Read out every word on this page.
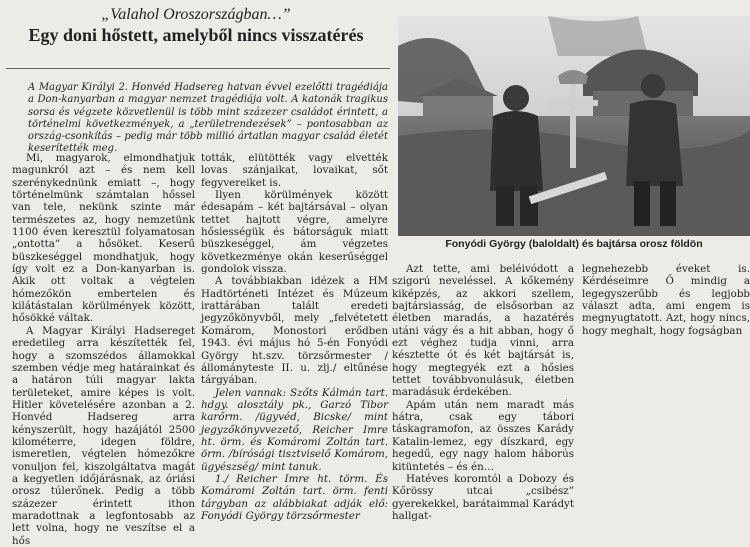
„Valahol Oroszországban…”
Egy doni hőstett, amelyből nincs visszatérés
A Magyar Királyi 2. Honvéd Hadsereg hatvan évvel ezelőtti tragédiája a Don-kanyarban a magyar nemzet tragédiája volt. A katonák tragikus sorsa és végzete közvetlenül is több mint százezer családot érintett, a történelmi következmények, a „területrendezések” – pontosabban az ország-csonkítás – pedig már több millió ártatlan magyar család életét keserítették meg.

Mi, magyarok, elmondhatjuk magunkról azt – és nem kell szerénykednünk emiatt –, hogy történelmünk számtalan hőssel van tele, nekünk szinte már természetes az, hogy nemzetünk 1100 éven keresztül folyamatosan „ontotta” a hősöket. Keserű büszkeséggel mondhatjuk, hogy így volt ez a Don-kanyarban is. Akik ott voltak a végtelen hómezőkön embertelen és kilátástalan körülmények között, hősökké váltak.

A Magyar Királyi Hadsereget eredetileg arra készítették fel, hogy a szomszédos államokkal szemben védje meg határainkat és a határon túli magyar lakta területeket, amire képes is volt. Hitler követelésére azonban a 2. Honvéd Hadsereg arra kényszerült, hogy hazájától 2500 kilométerre, idegen földre, ismeretlen, végtelen hómezőkre vonuljon fel, kiszolgáltatva magát a kegyetlen időjárásnak, az óriási orosz túlerőnek. Pedig a több százezer érintett ithon maradottnak a legfontosabb az lett volna, hogy ne veszítse el a hős

tották, elütötték vagy elvették lovas szánjaikat, lovaikat, sőt fegyvereiket is.

Ilyen körülmények között édesapám – két bajtársával – olyan tettet hajtott végre, amelyre hősiességük és bátorságuk miatt büszkeséggel, ám végzetes következménye okán keserűséggel gondolok vissza.

A továbbiakban idézek a HM Hadtörténeti Intézet és Múzeum irattárában talált eredeti jegyzőkönyvből, mely „felvétetett Komárom, Monostori erődben 1943. évi május hó 5-én Fonyódi György ht.szv. törzsőrmester /állományteste II. u. zlj./ eltűnése tárgyában.

Jelen vannak: Szőts Kálmán tart. hdgy. alosztály pk., Garzó Tibor karőrm. /ügyvéd, Bicske/ mint jegyzőkönyvvezető, Reicher Imre ht. örm. és Komáromi Zoltán tart. örm. /bírósági tisztviselő Komárom, ügyészség/ mint tanuk.

1./ Reicher Imre ht. törm. És Komáromi Zoltán tart. örm. fenti tárgyban az alábbiakat adják elő: Fonyódi György törzsőrmester

Fonyódi György (baloldalt) és bajtársa orosz földön

Azt tette, ami beléivódott a szigorú neveléssel. A kőkemény kiképzés, az akkori szellem, bajtársiasság, de elsősorban az életben maradás, a hazatérés utáni vágy és a hit abban, hogy ő ezt véghez tudja vinni, arra késztette ót és két bajtársát is, hogy megtegyék ezt a hősies tettet továbbvonulásuk, életben maradásuk érdekében.

Apám után nem maradt más hátra, csak egy tábori táskagramofon, az összes Karády Katalin-lemez, egy díszkard, egy hegedű, egy nagy halom háborús kitüntetés – és én…

Hatéves koromtól a Dobozy és Kőrössy utcai „csibész” gyerekekkel, barátaimmal Karádyt hallgat-

legnehezebb éveket is. Kérdéseimre Ő mindig a legegyszerűbb és legjobb választ adta, ami engem is megnyugtatott. Azt, hogy nincs, hogy meghalt, hogy fogságban
